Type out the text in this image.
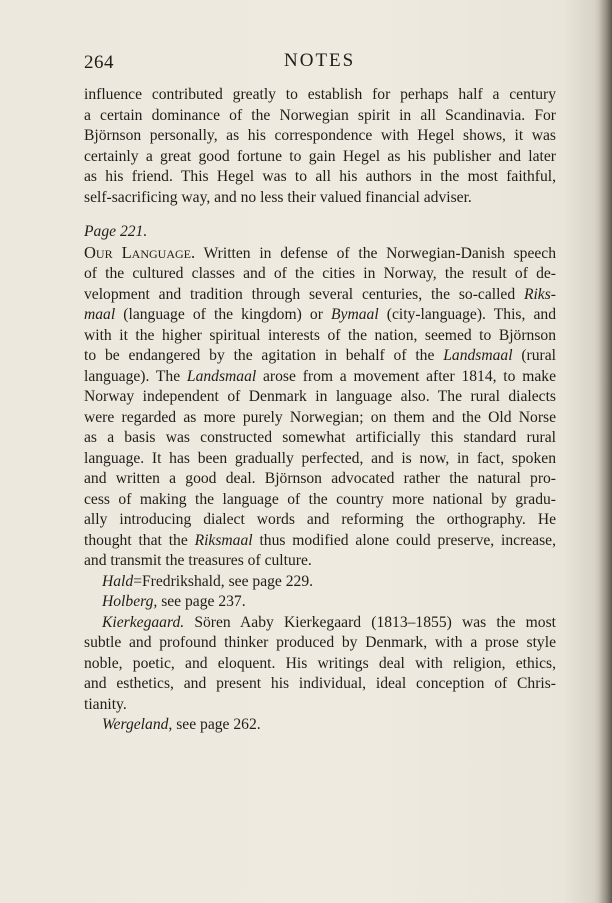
264	NOTES
influence contributed greatly to establish for perhaps half a century
a certain dominance of the Norwegian spirit in all Scandinavia. For
Björnson personally, as his correspondence with Hegel shows, it was
certainly a great good fortune to gain Hegel as his publisher and later
as his friend. This Hegel was to all his authors in the most faithful,
self-sacrificing way, and no less their valued financial adviser.
Page 221.
Our Language. Written in defense of the Norwegian-Danish speech
of the cultured classes and of the cities in Norway, the result of de-
velopment and tradition through several centuries, the so-called Riks-
maal (language of the kingdom) or Bymaal (city-language). This, and
with it the higher spiritual interests of the nation, seemed to Björnson
to be endangered by the agitation in behalf of the Landsmaal (rural
language). The Landsmaal arose from a movement after 1814, to make
Norway independent of Denmark in language also. The rural dialects
were regarded as more purely Norwegian; on them and the Old Norse
as a basis was constructed somewhat artificially this standard rural
language. It has been gradually perfected, and is now, in fact, spoken
and written a good deal. Björnson advocated rather the natural pro-
cess of making the language of the country more national by gradu-
ally introducing dialect words and reforming the orthography. He
thought that the Riksmaal thus modified alone could preserve, increase,
and transmit the treasures of culture.
Hald=Fredrikshald, see page 229.
Holberg, see page 237.
Kierkegaard. Sören Aaby Kierkegaard (1813–1855) was the most
subtle and profound thinker produced by Denmark, with a prose style
noble, poetic, and eloquent. His writings deal with religion, ethics,
and esthetics, and present his individual, ideal conception of Chris-
tianity.
Wergeland, see page 262.
